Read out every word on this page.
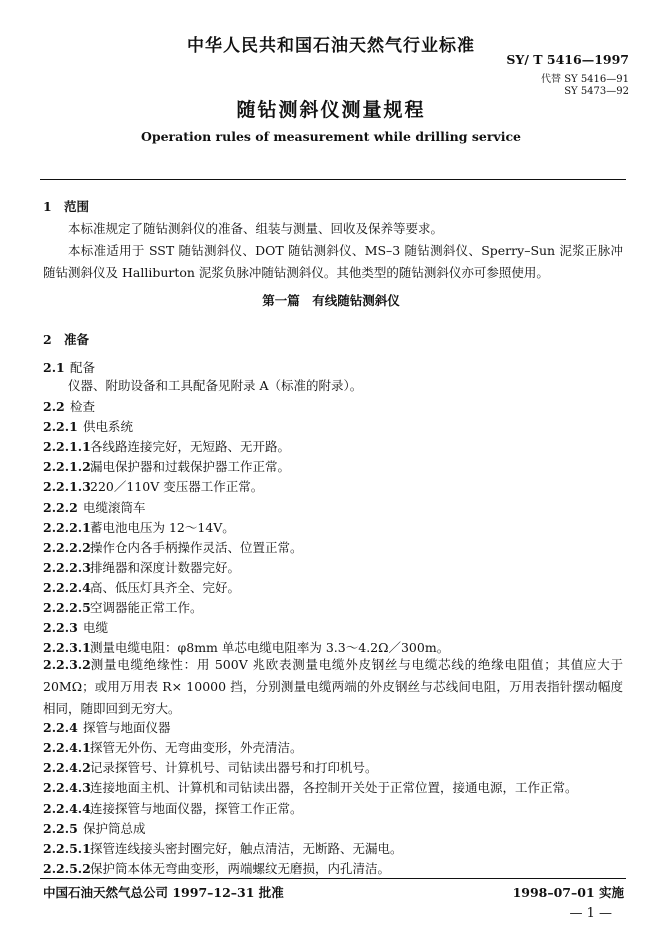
中华人民共和国石油天然气行业标准
SY/ T 5416—1997
代替 SY 5416—91
SY 5473—92
随钻测斜仪测量规程
Operation rules of measurement while drilling service
1 范围

本标准规定了随钻测斜仪的准备、组装与测量、回收及保养等要求。

本标准适用于 SST 随钻测斜仪、DOT 随钻测斜仪、MS–3 随钻测斜仪、Sperry–Sun 泥浆正脉冲随钻测斜仪及 Halliburton 泥浆负脉冲随钻测斜仪。其他类型的随钻测斜仪亦可参照使用。

第一篇　有线随钻测斜仪
2 准备
2.1 配备
仪器、附助设备和工具配备见附录 A（标准的附录）。
2.2 检查
2.2.1 供电系统
2.2.1.1各线路连接完好，无短路、无开路。
2.2.1.2漏电保护器和过载保护器工作正常。
2.2.1.3220／110V 变压器工作正常。
2.2.2 电缆滚筒车
2.2.2.1蓄电池电压为 12～14V。
2.2.2.2操作仓内各手柄操作灵活、位置正常。
2.2.2.3排绳器和深度计数器完好。
2.2.2.4高、低压灯具齐全、完好。
2.2.2.5空调器能正常工作。
2.2.3 电缆
2.2.3.1测量电缆电阻：φ8mm 单芯电缆电阻率为 3.3～4.2Ω／300m。

2.2.3.2测量电缆绝缘性：用 500V 兆欧表测量电缆外皮钢丝与电缆芯线的绝缘电阻值；其值应大于 20MΩ；或用万用表 R× 10000 挡，分别测量电缆两端的外皮钢丝与芯线间电阻，万用表指针摆动幅度相同，随即回到无穷大。

2.2.4 探管与地面仪器
2.2.4.1探管无外伤、无弯曲变形，外壳清洁。
2.2.4.2记录探管号、计算机号、司钻读出器号和打印机号。
2.2.4.3连接地面主机、计算机和司钻读出器，各控制开关处于正常位置，接通电源，工作正常。
2.2.4.4连接探管与地面仪器，探管工作正常。
2.2.5 保护筒总成
2.2.5.1探管连线接头密封圈完好，触点清洁，无断路、无漏电。
2.2.5.2保护筒本体无弯曲变形，两端螺纹无磨损，内孔清洁。
中国石油天然气总公司 1997–12–31 批准	1998–07–01 实施
— 1 —
